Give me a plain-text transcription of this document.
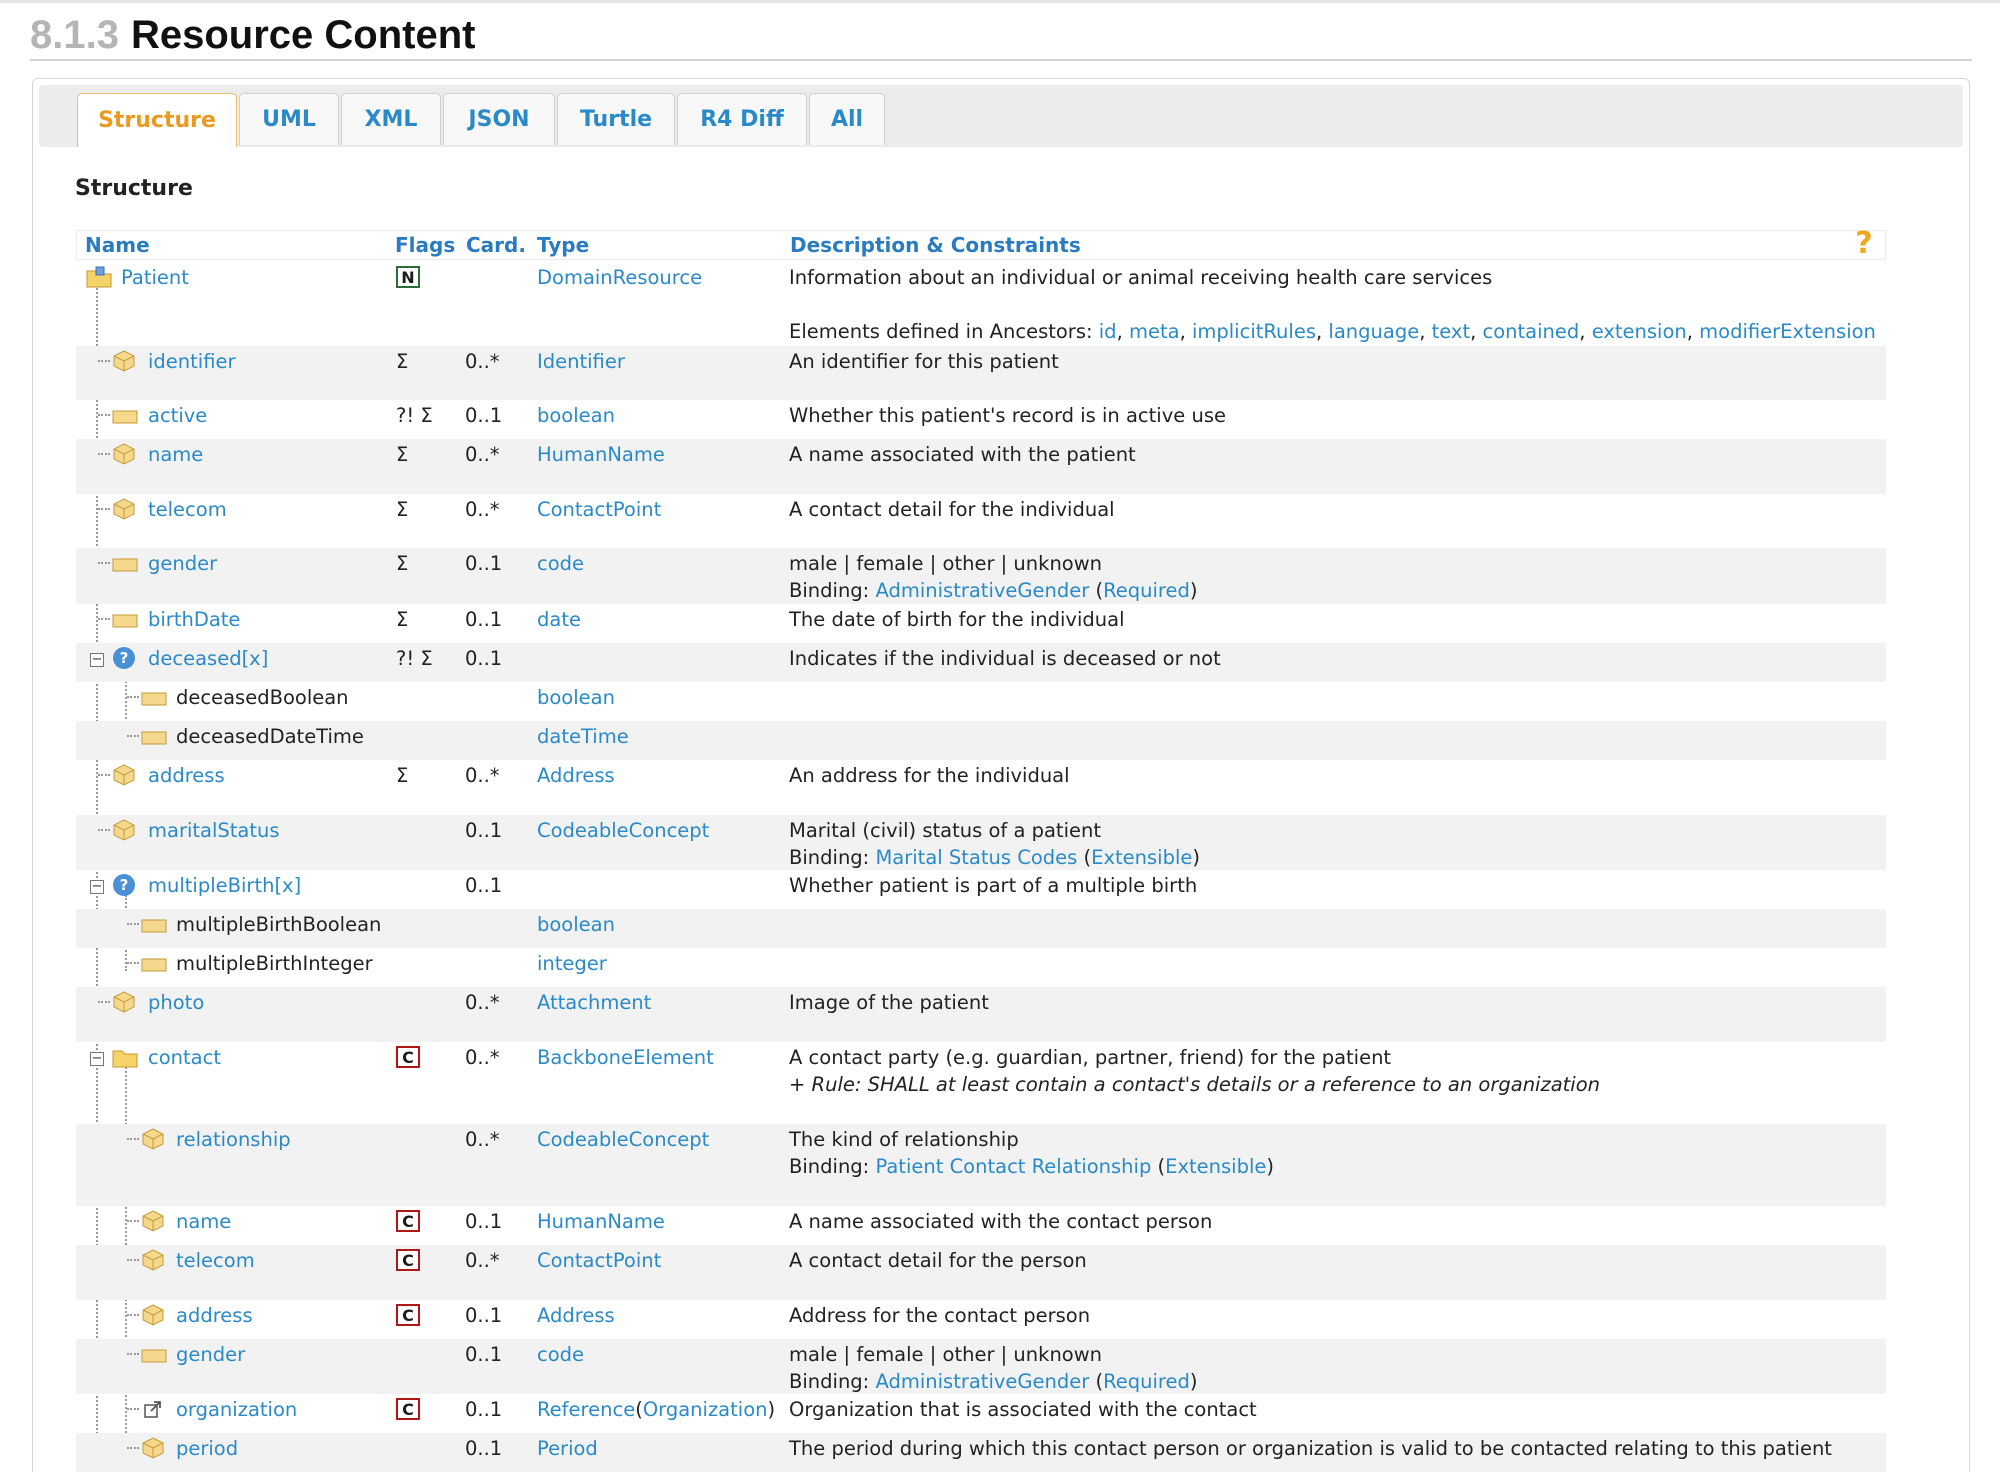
8.1.3 Resource Content
Structure	UML	XML	JSON	Turtle	R4 Diff	All
Structure
Name	Flags Card. Type	Description & Constraints	?
Patient	N	DomainResource	Information about an individual or animal receiving health care services
Elements defined in Ancestors: id, meta, implicitRules, language, text, contained, extension, modifierExtension
identifier	Σ	0..* Identifier	An identifier for this patient
active	?! Σ 0..1 boolean	Whether this patient's record is in active use
name	Σ	0..* HumanName	A name associated with the patient
telecom	Σ	0..* ContactPoint	A contact detail for the individual
gender	Σ	0..1 code	male | female | other | unknown
Binding: AdministrativeGender (Required)
birthDate	Σ	0..1 date	The date of birth for the individual
−	?	deceased[x]	?! Σ 0..1	Indicates if the individual is deceased or not
deceasedBoolean	boolean
deceasedDateTime	dateTime
address	Σ	0..* Address	An address for the individual
maritalStatus	0..1 CodeableConcept	Marital (civil) status of a patient
Binding: Marital Status Codes (Extensible)
−	?	multipleBirth[x]	0..1	Whether patient is part of a multiple birth
multipleBirthBoolean	boolean
multipleBirthInteger	integer
photo	0..* Attachment	Image of the patient
− contact	C	0..* BackboneElement	A contact party (e.g. guardian, partner, friend) for the patient
+ Rule: SHALL at least contain a contact's details or a reference to an organization
relationship	0..* CodeableConcept	The kind of relationship
Binding: Patient Contact Relationship (Extensible)
name	C	0..1 HumanName	A name associated with the contact person
telecom	C	0..* ContactPoint	A contact detail for the person
address	C	0..1 Address	Address for the contact person
gender	0..1 code	male | female | other | unknown
Binding: AdministrativeGender (Required)
organization	C	0..1 Reference(Organization) Organization that is associated with the contact
period	0..1 Period	The period during which this contact person or organization is valid to be contacted relating to this patient
